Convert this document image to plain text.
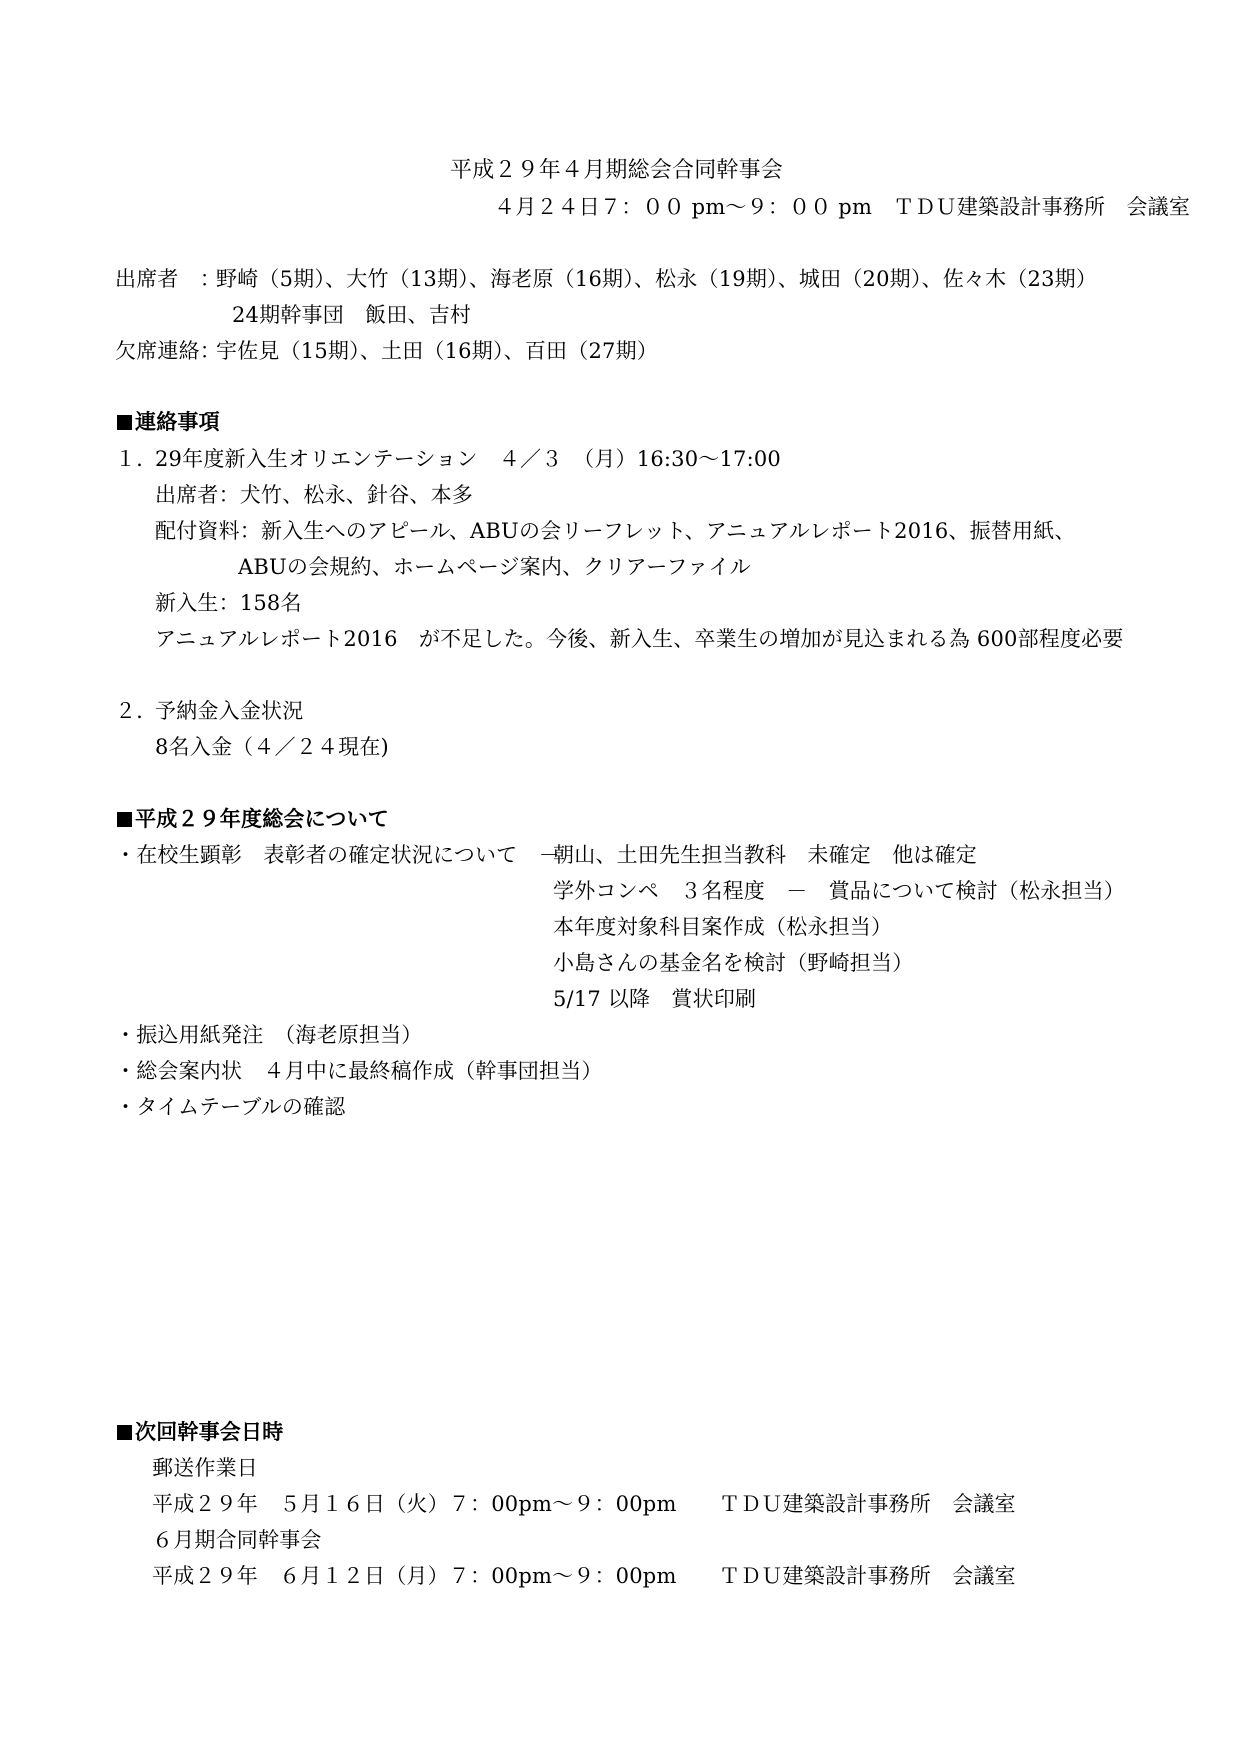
平成２９年４月期総会合同幹事会
４月２４日７：００ pm～９：００ pm　ＴＤＵ建築設計事務所　会議室
出席者　：
野崎（5期）、大竹（13期）、海老原（16期）、松永（19期）、城田（20期）、佐々木（23期）
24期幹事団　飯田、吉村
欠席連絡：
宇佐見（15期）、土田（16期）、百田（27期）
連絡事項
１．
29年度新入生オリエンテーション　４／３　（月）16:30～17:00
出席者：犬竹、松永、針谷、本多
配付資料：新入生へのアピール、ABUの会リーフレット、アニュアルレポート2016、振替用紙、
ABUの会規約、ホームページ案内、クリアーファイル
新入生：158名
アニュアルレポート2016　が不足した。今後、新入生、卒業生の増加が見込まれる為 600部程度必要
２．
予納金入金状況
8名入金（４／２４現在)
平成２９年度総会について
・在校生顕彰　表彰者の確定状況について　－
朝山、土田先生担当教科　未確定　他は確定
学外コンペ　３名程度　－　賞品について検討（松永担当）
本年度対象科目案作成（松永担当）
小島さんの基金名を検討（野崎担当）
5/17 以降　賞状印刷
・振込用紙発注　（海老原担当）
・総会案内状　４月中に最終稿作成（幹事団担当）
・タイムテーブルの確認
次回幹事会日時
郵送作業日
平成２９年　５月１６日（火）７：00pm～９：00pm　　ＴＤＵ建築設計事務所　会議室
６月期合同幹事会
平成２９年　６月１２日（月）７：00pm～９：00pm　　ＴＤＵ建築設計事務所　会議室
